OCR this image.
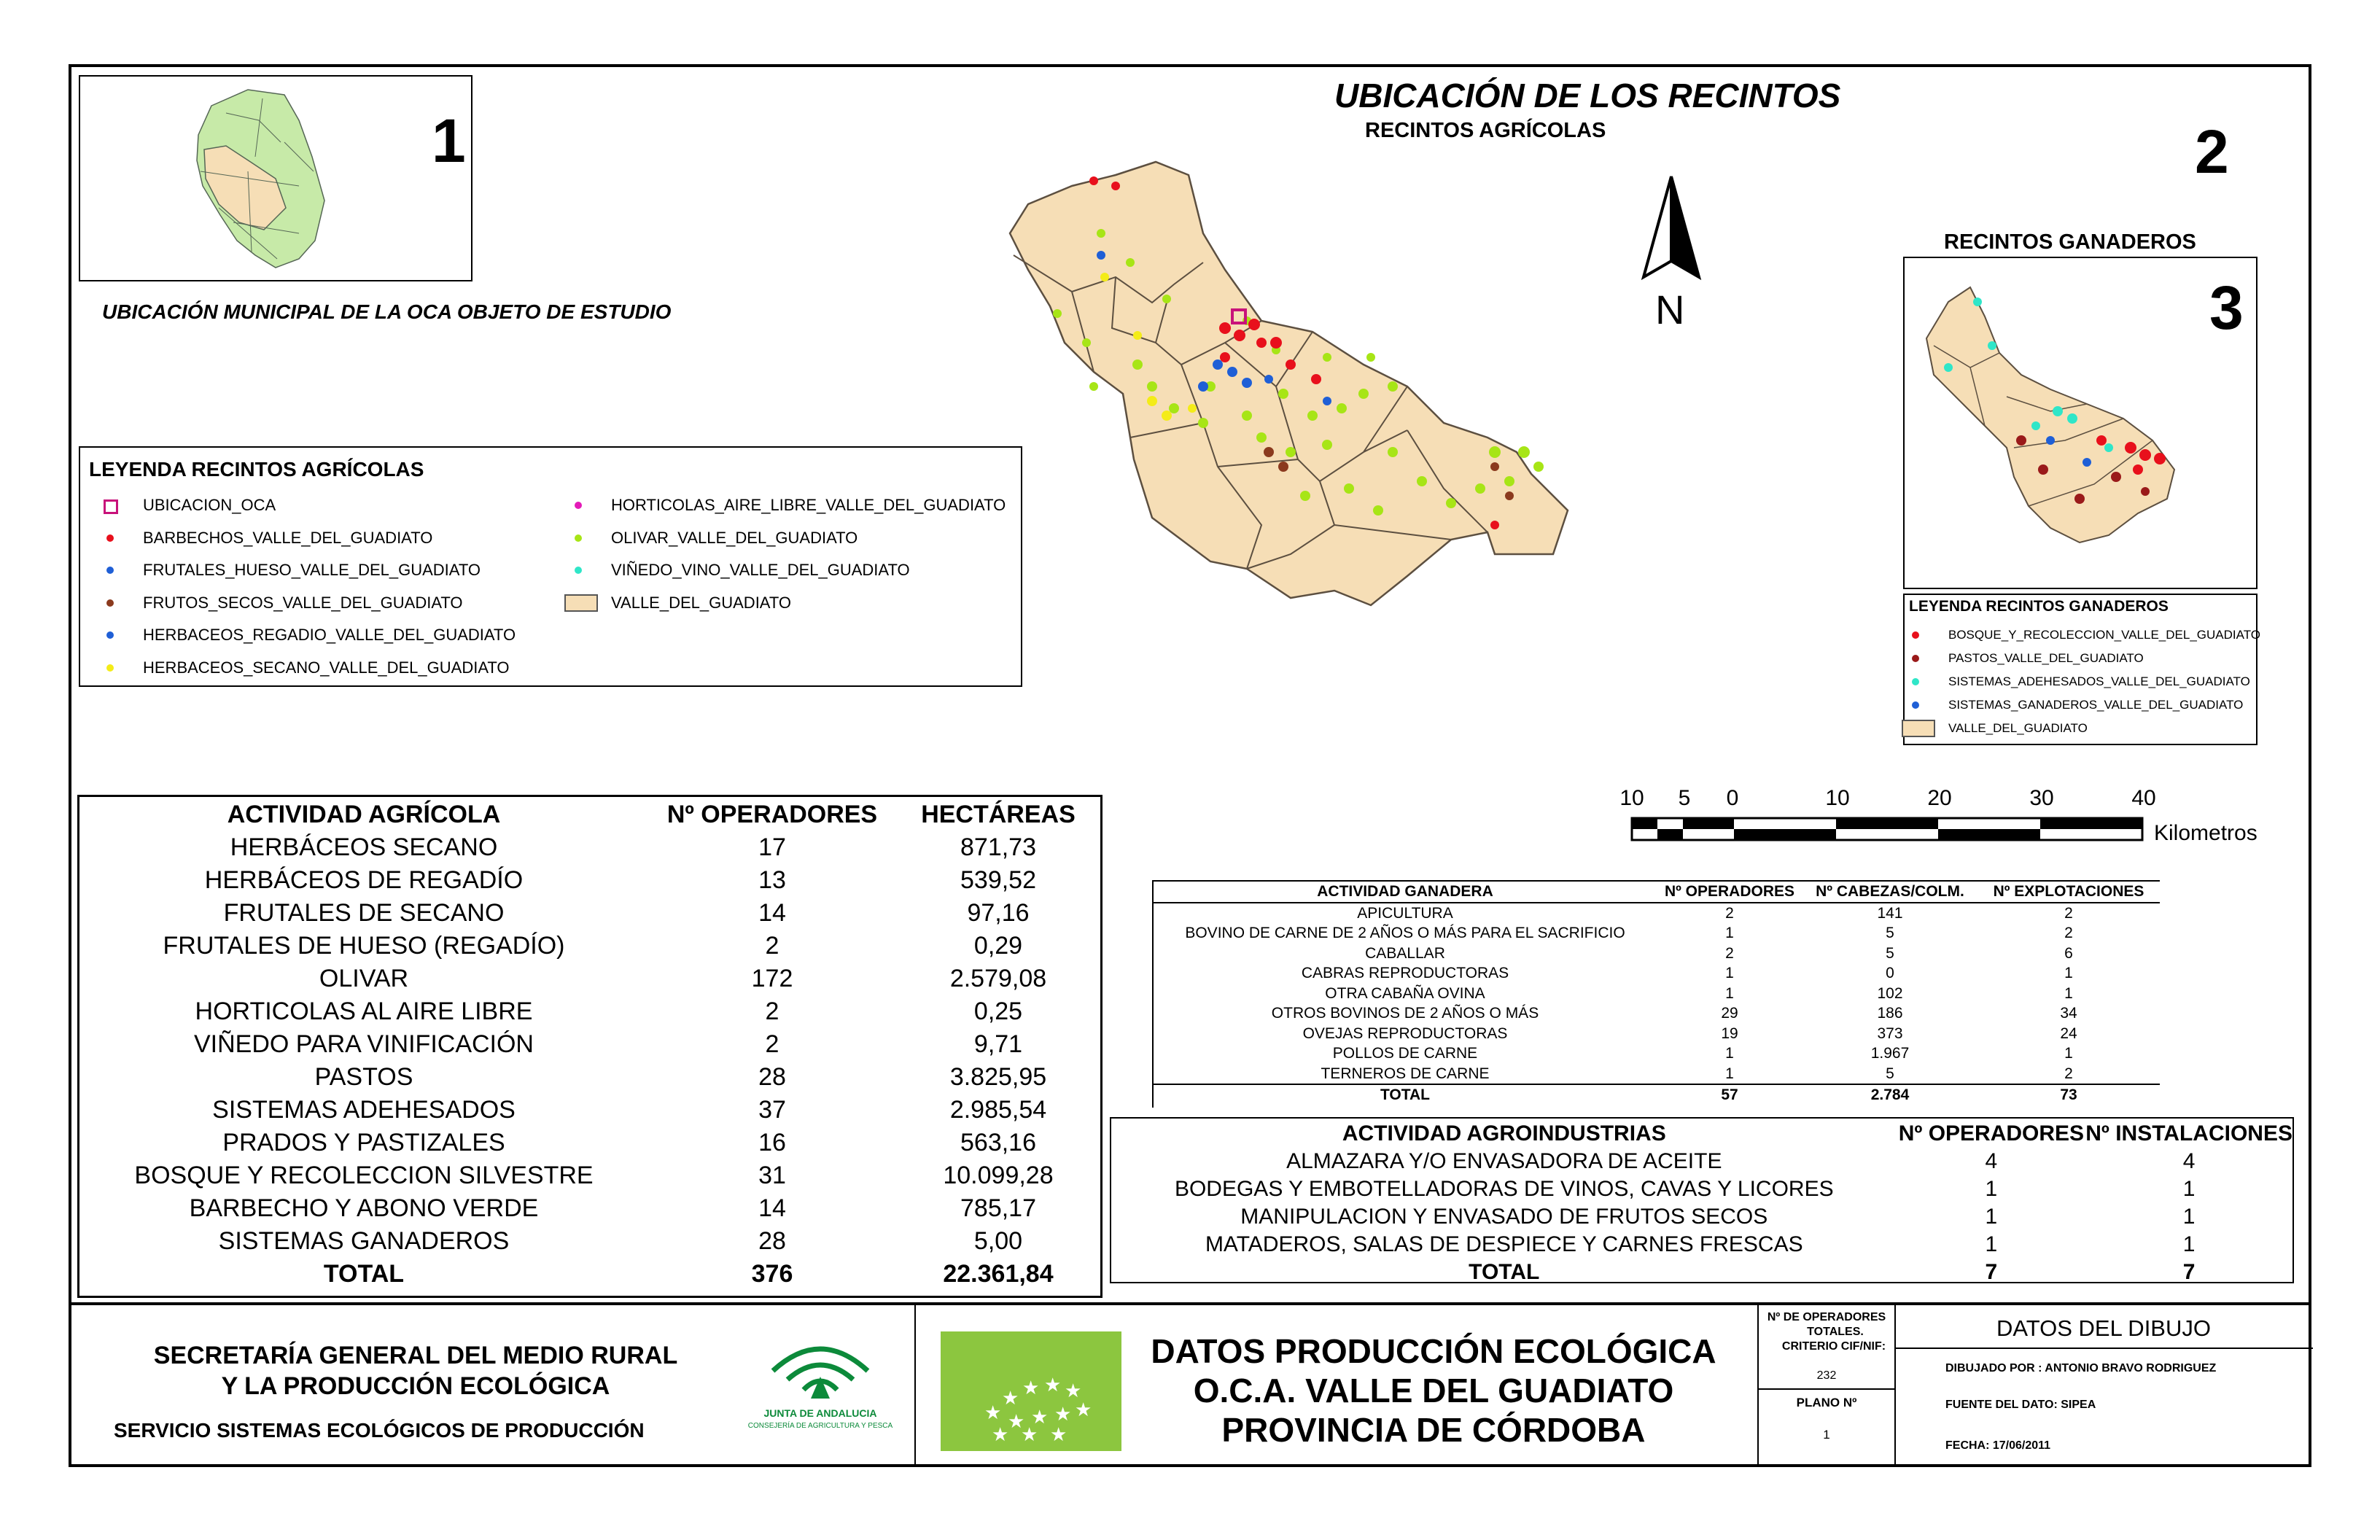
1
UBICACIÓN MUNICIPAL DE LA OCA OBJETO DE ESTUDIO
UBICACIÓN DE LOS RECINTOS
RECINTOS AGRÍCOLAS	2
N
LEYENDA RECINTOS AGRÍCOLAS
UBICACION_OCA
BARBECHOS_VALLE_DEL_GUADIATO
FRUTALES_HUESO_VALLE_DEL_GUADIATO
FRUTOS_SECOS_VALLE_DEL_GUADIATO
HERBACEOS_REGADIO_VALLE_DEL_GUADIATO
HERBACEOS_SECANO_VALLE_DEL_GUADIATO
HORTICOLAS_AIRE_LIBRE_VALLE_DEL_GUADIATO
OLIVAR_VALLE_DEL_GUADIATO
VIÑEDO_VINO_VALLE_DEL_GUADIATO
VALLE_DEL_GUADIATO
RECINTOS GANADEROS
3
LEYENDA RECINTOS GANADEROS
BOSQUE_Y_RECOLECCION_VALLE_DEL_GUADIATO
PASTOS_VALLE_DEL_GUADIATO
SISTEMAS_ADEHESADOS_VALLE_DEL_GUADIATO
SISTEMAS_GANADEROS_VALLE_DEL_GUADIATO
VALLE_DEL_GUADIATO
10	5	0	10	20	30	40
Kilometros
ACTIVIDAD AGRÍCOLA	Nº OPERADORES	HECTÁREAS
HERBÁCEOS SECANO	17	871,73
HERBÁCEOS DE REGADÍO	13	539,52
FRUTALES DE SECANO	14	97,16
FRUTALES DE HUESO (REGADÍO)	2	0,29
OLIVAR	172	2.579,08
HORTICOLAS AL AIRE LIBRE	2	0,25
VIÑEDO PARA VINIFICACIÓN	2	9,71
PASTOS	28	3.825,95
SISTEMAS ADEHESADOS	37	2.985,54
PRADOS Y PASTIZALES	16	563,16
BOSQUE Y RECOLECCION SILVESTRE	31	10.099,28
BARBECHO Y ABONO VERDE	14	785,17
SISTEMAS GANADEROS	28	5,00
TOTAL	376	22.361,84
ACTIVIDAD GANADERA	Nº OPERADORES	Nº CABEZAS/COLM.	Nº EXPLOTACIONES
APICULTURA	2	141	2
BOVINO DE CARNE DE 2 AÑOS O MÁS PARA EL SACRIFICIO	1	5	2
CABALLAR	2	5	6
CABRAS REPRODUCTORAS	1	0	1
OTRA CABAÑA OVINA	1	102	1
OTROS BOVINOS DE 2 AÑOS O MÁS	29	186	34
OVEJAS REPRODUCTORAS	19	373	24
POLLOS DE CARNE	1	1.967	1
TERNEROS DE CARNE	1	5	2
TOTAL	57	2.784	73
ACTIVIDAD AGROINDUSTRIAS	Nº OPERADORES	Nº INSTALACIONES
ALMAZARA Y/O ENVASADORA DE ACEITE	4	4
BODEGAS Y EMBOTELLADORAS DE VINOS, CAVAS Y LICORES	1	1
MANIPULACION Y ENVASADO DE FRUTOS SECOS	1	1
MATADEROS, SALAS DE DESPIECE Y CARNES FRESCAS	1	1
TOTAL	7	7
SECRETARÍA GENERAL DEL MEDIO RURAL
Y LA PRODUCCIÓN ECOLÓGICA
SERVICIO SISTEMAS ECOLÓGICOS DE PRODUCCIÓN
JUNTA DE ANDALUCIA
CONSEJERÍA DE AGRICULTURA Y PESCA
★
★ ★ ★ ★
★ ★ ★ ★
★ ★ ★
DATOS PRODUCCIÓN ECOLÓGICA
O.C.A. VALLE DEL GUADIATO
PROVINCIA DE CÓRDOBA
Nº DE OPERADORES
TOTALES.
CRITERIO CIF/NIF:
232
PLANO Nº
1
DATOS DEL DIBUJO
DIBUJADO POR : ANTONIO BRAVO RODRIGUEZ
FUENTE DEL DATO: SIPEA
FECHA: 17/06/2011
